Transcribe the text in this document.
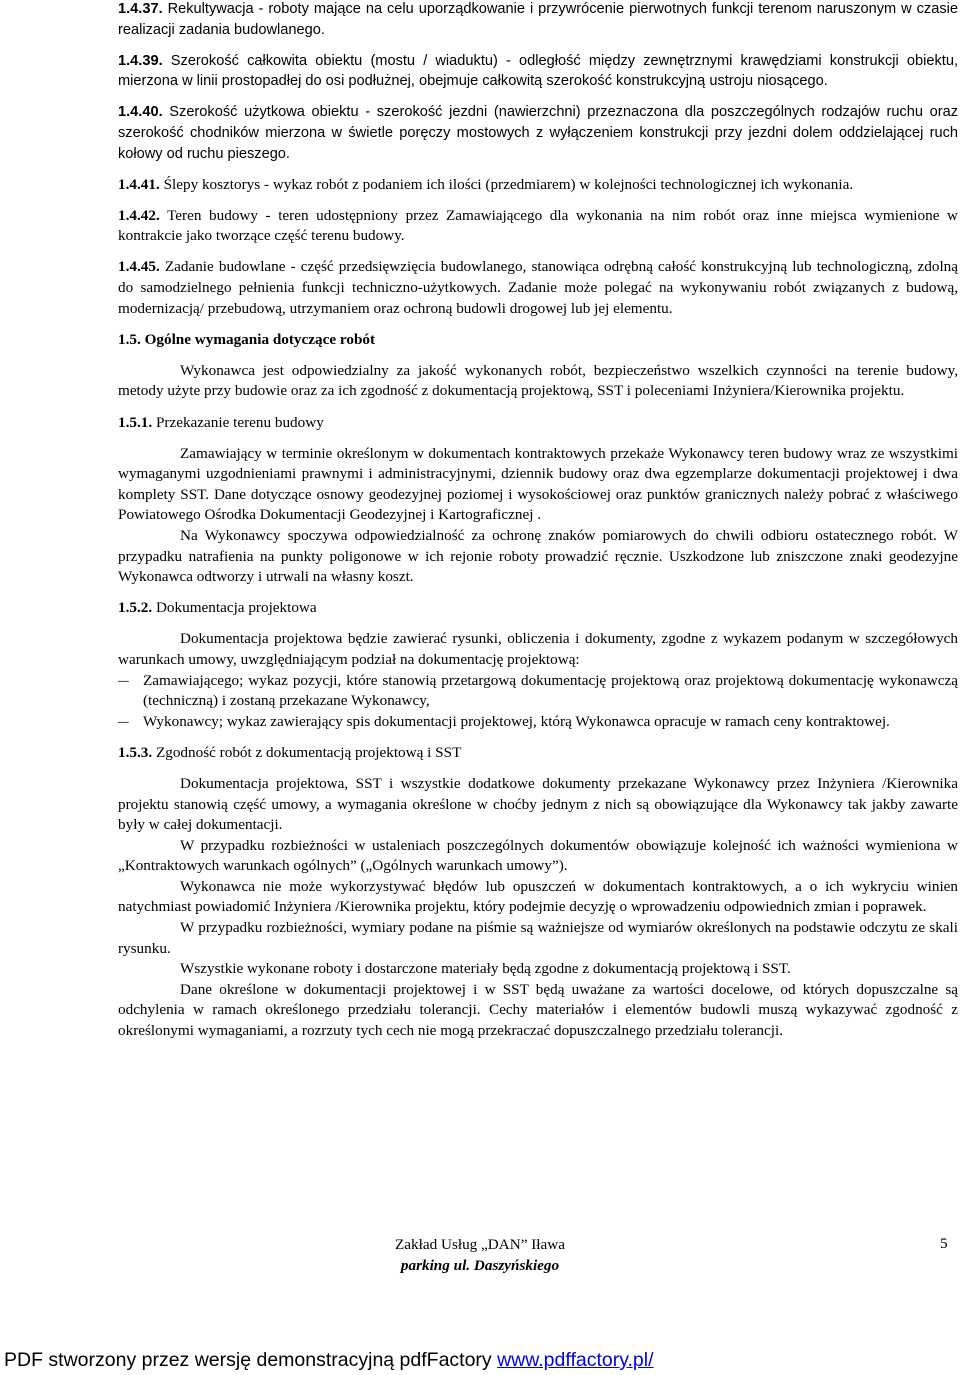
1.4.37. Rekultywacja - roboty mające na celu uporządkowanie i przywrócenie pierwotnych funkcji terenom naruszonym w czasie realizacji zadania budowlanego.

1.4.39. Szerokość całkowita obiektu (mostu / wiaduktu) - odległość między zewnętrznymi krawędziami konstrukcji obiektu, mierzona w linii prostopadłej do osi podłużnej, obejmuje całkowitą szerokość konstrukcyjną ustroju niosącego.

1.4.40. Szerokość użytkowa obiektu - szerokość jezdni (nawierzchni) przeznaczona dla poszczególnych rodzajów ruchu oraz szerokość chodników mierzona w świetle poręczy mostowych z wyłączeniem konstrukcji przy jezdni dolem oddzielającej ruch kołowy od ruchu pieszego.

1.4.41. Ślepy kosztorys - wykaz robót z podaniem ich ilości (przedmiarem) w kolejności technologicznej ich wykonania.

1.4.42. Teren budowy - teren udostępniony przez Zamawiającego dla wykonania na nim robót oraz inne miejsca wymienione w kontrakcie jako tworzące część terenu budowy.

1.4.45. Zadanie budowlane - część przedsięwzięcia budowlanego, stanowiąca odrębną całość konstrukcyjną lub technologiczną, zdolną do samodzielnego pełnienia funkcji techniczno-użytkowych. Zadanie może polegać na wykonywaniu robót związanych z budową, modernizacją/ przebudową, utrzymaniem oraz ochroną budowli drogowej lub jej elementu.

1.5. Ogólne wymagania dotyczące robót

Wykonawca jest odpowiedzialny za jakość wykonanych robót, bezpieczeństwo wszelkich czynności na terenie budowy, metody użyte przy budowie oraz za ich zgodność z dokumentacją projektową, SST i poleceniami Inżyniera/Kierownika projektu.

1.5.1. Przekazanie terenu budowy

Zamawiający w terminie określonym w dokumentach kontraktowych przekaże Wykonawcy teren budowy wraz ze wszystkimi wymaganymi uzgodnieniami prawnymi i administracyjnymi, dziennik budowy oraz dwa egzemplarze dokumentacji projektowej i dwa komplety SST. Dane dotyczące osnowy geodezyjnej poziomej i wysokościowej oraz punktów granicznych należy pobrać z właściwego Powiatowego Ośrodka Dokumentacji Geodezyjnej i Kartograficznej .

Na Wykonawcy spoczywa odpowiedzialność za ochronę znaków pomiarowych do chwili odbioru ostatecznego robót. W przypadku natrafienia na punkty poligonowe w ich rejonie roboty prowadzić ręcznie. Uszkodzone lub zniszczone znaki geodezyjne Wykonawca odtworzy i utrwali na własny koszt.

1.5.2. Dokumentacja projektowa

Dokumentacja projektowa będzie zawierać rysunki, obliczenia i dokumenty, zgodne z wykazem podanym w szczegółowych warunkach umowy, uwzględniającym podział na dokumentację projektową:

– Zamawiającego; wykaz pozycji, które stanowią przetargową dokumentację projektową oraz projektową dokumentację wykonawczą (techniczną) i zostaną przekazane Wykonawcy,

– Wykonawcy; wykaz zawierający spis dokumentacji projektowej, którą Wykonawca opracuje w ramach ceny kontraktowej.

1.5.3. Zgodność robót z dokumentacją projektową i SST

Dokumentacja projektowa, SST i wszystkie dodatkowe dokumenty przekazane Wykonawcy przez Inżyniera /Kierownika projektu stanowią część umowy, a wymagania określone w choćby jednym z nich są obowiązujące dla Wykonawcy tak jakby zawarte były w całej dokumentacji.

W przypadku rozbieżności w ustaleniach poszczególnych dokumentów obowiązuje kolejność ich ważności wymieniona w „Kontraktowych warunkach ogólnych” („Ogólnych warunkach umowy”).

Wykonawca nie może wykorzystywać błędów lub opuszczeń w dokumentach kontraktowych, a o ich wykryciu winien natychmiast powiadomić Inżyniera /Kierownika projektu, który podejmie decyzję o wprowadzeniu odpowiednich zmian i poprawek.

W przypadku rozbieżności, wymiary podane na piśmie są ważniejsze od wymiarów określonych na podstawie odczytu ze skali rysunku.

Wszystkie wykonane roboty i dostarczone materiały będą zgodne z dokumentacją projektową i SST.

Dane określone w dokumentacji projektowej i w SST będą uważane za wartości docelowe, od których dopuszczalne są odchylenia w ramach określonego przedziału tolerancji. Cechy materiałów i elementów budowli muszą wykazywać zgodność z określonymi wymaganiami, a rozrzuty tych cech nie mogą przekraczać dopuszczalnego przedziału tolerancji.

Zakład Usług „DAN” Iława
parking ul. Daszyńskiego
5
PDF stworzony przez wersję demonstracyjną pdfFactory www.pdffactory.pl/
